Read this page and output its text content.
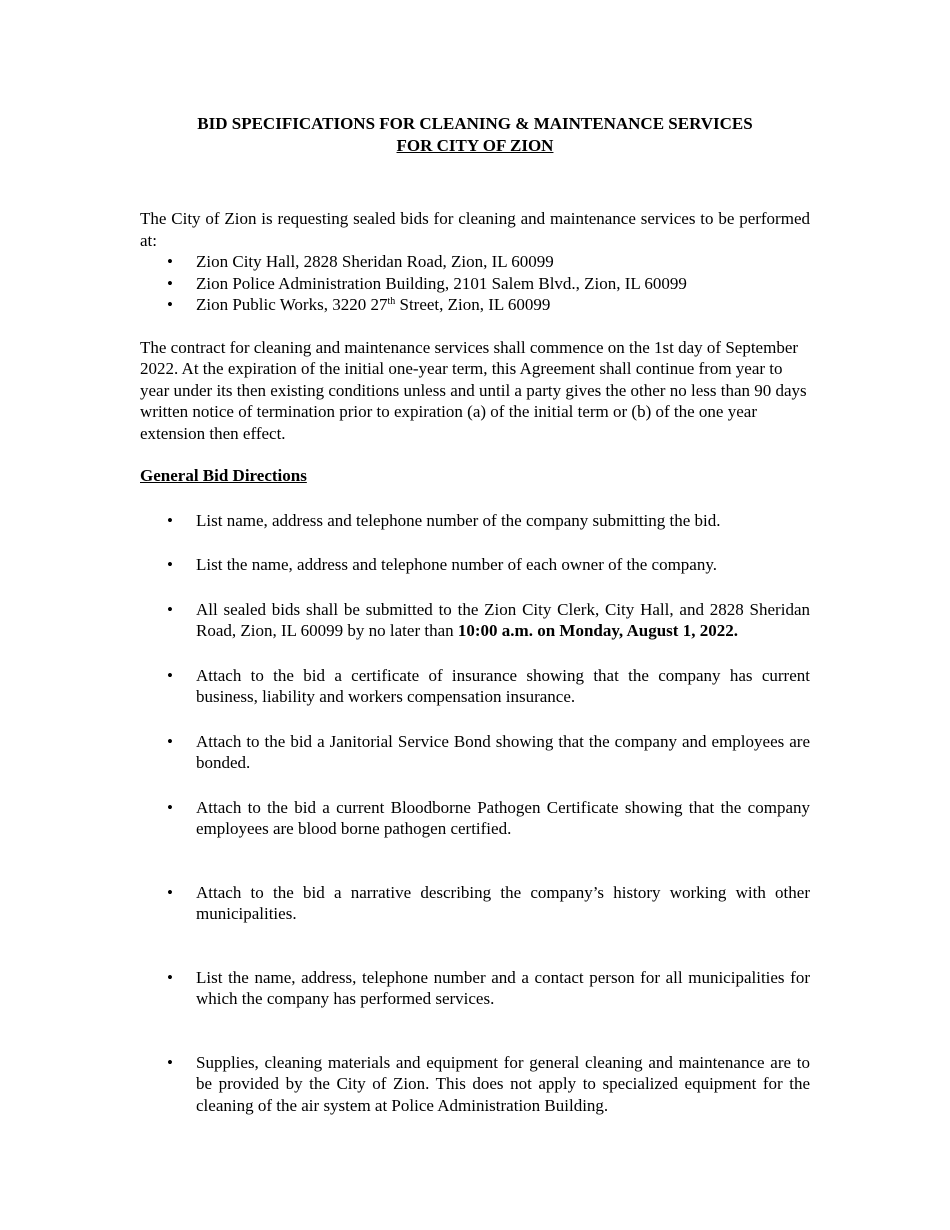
BID SPECIFICATIONS FOR CLEANING & MAINTENANCE SERVICES
FOR CITY OF ZION

The City of Zion is requesting sealed bids for cleaning and maintenance services to be performed at:

• Zion City Hall, 2828 Sheridan Road, Zion, IL 60099
• Zion Police Administration Building, 2101 Salem Blvd., Zion, IL 60099
• Zion Public Works, 3220 27th Street, Zion, IL 60099

The contract for cleaning and maintenance services shall commence on the 1st day of September 2022. At the expiration of the initial one-year term, this Agreement shall continue from year to year under its then existing conditions unless and until a party gives the other no less than 90 days written notice of termination prior to expiration (a) of the initial term or (b) of the one year extension then effect.

General Bid Directions
• List name, address and telephone number of the company submitting the bid.
• List the name, address and telephone number of each owner of the company.
• All sealed bids shall be submitted to the Zion City Clerk, City Hall, and 2828 Sheridan Road, Zion, IL 60099 by no later than 10:00 a.m. on Monday, August 1, 2022.
• Attach to the bid a certificate of insurance showing that the company has current business, liability and workers compensation insurance.
• Attach to the bid a Janitorial Service Bond showing that the company and employees are bonded.
• Attach to the bid a current Bloodborne Pathogen Certificate showing that the company employees are blood borne pathogen certified.
• Attach to the bid a narrative describing the company’s history working with other municipalities.
• List the name, address, telephone number and a contact person for all municipalities for which the company has performed services.
• Supplies, cleaning materials and equipment for general cleaning and maintenance are to be provided by the City of Zion. This does not apply to specialized equipment for the cleaning of the air system at Police Administration Building.
